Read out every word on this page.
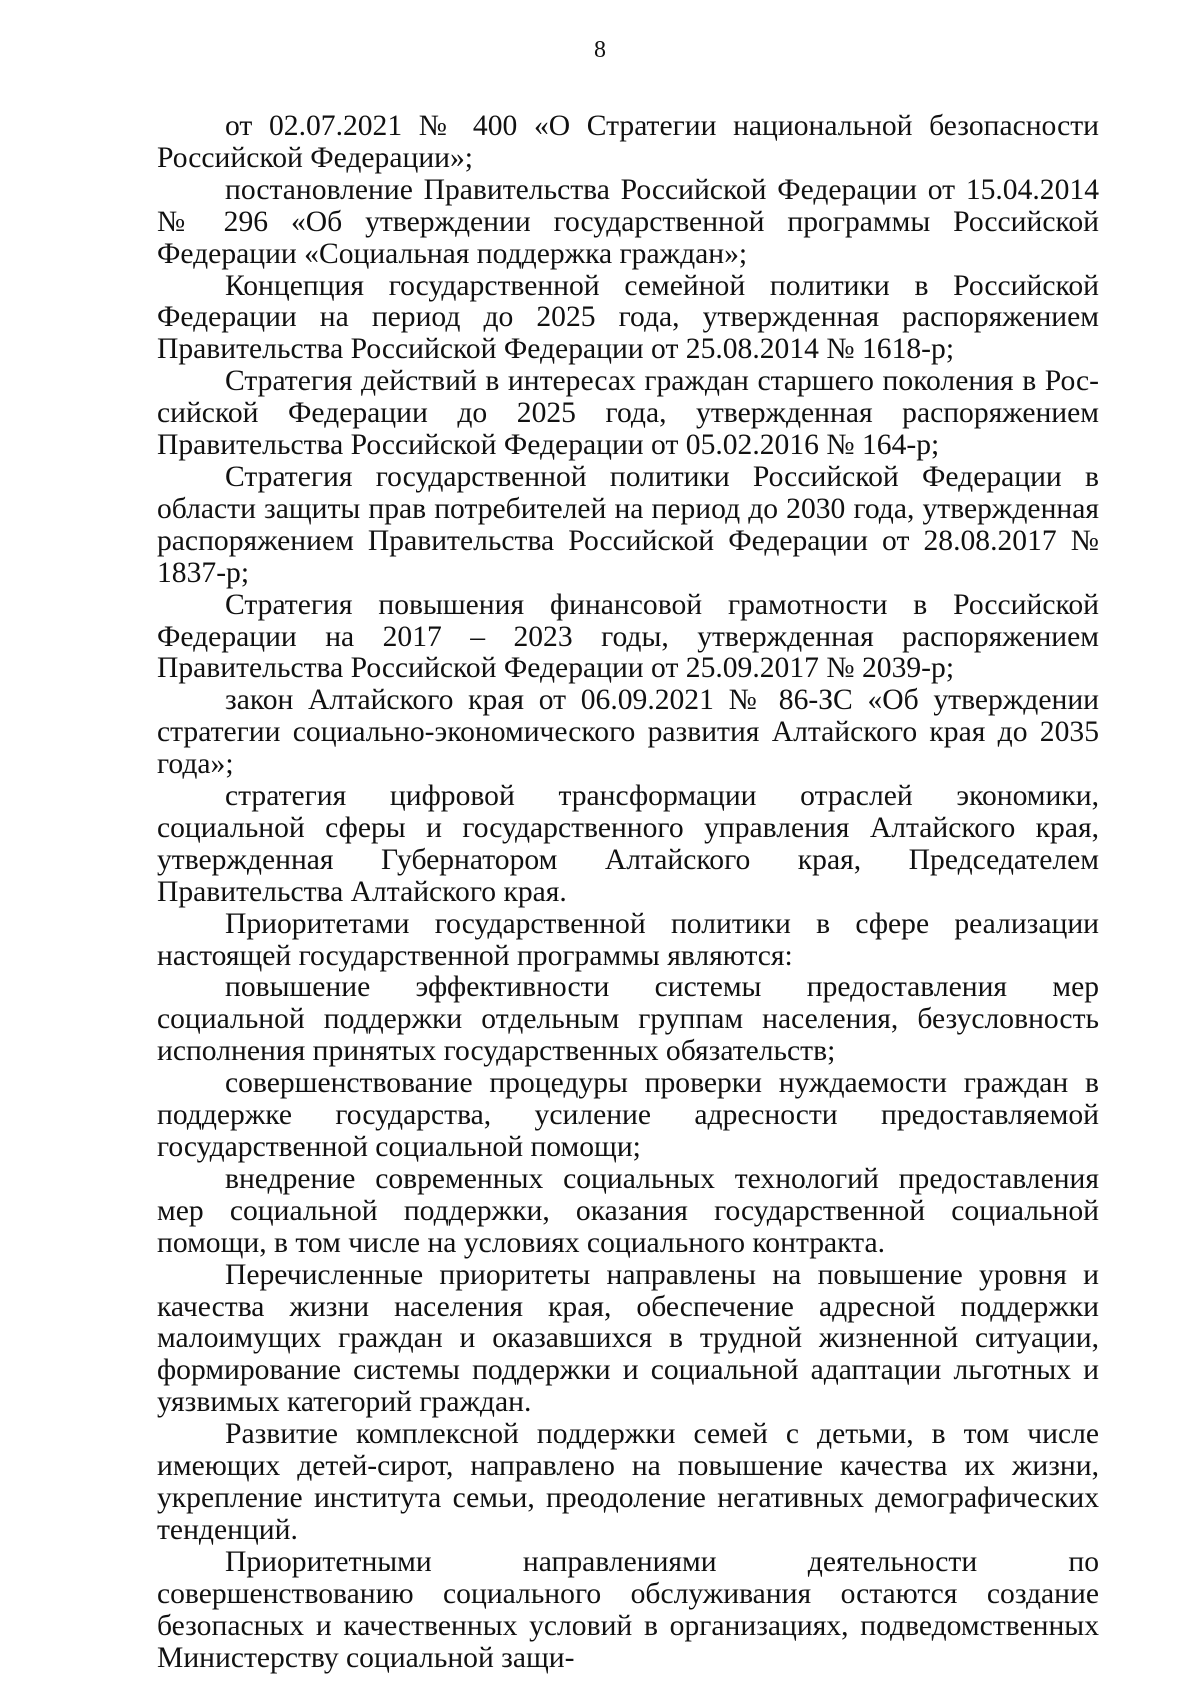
8

от 02.07.2021 № 400 «О Стратегии национальной безопасности Российской Федерации»;

постановление Правительства Российской Федерации от 15.04.2014 № 296 «Об утверждении государственной программы Российской Федерации «Социальная поддержка граждан»;

Концепция государственной семейной политики в Российской Федерации на период до 2025 года, утвержденная распоряжением Правительства Российской Федерации от 25.08.2014 № 1618-р;

Стратегия действий в интересах граждан старшего поколения в Российской Федерации до 2025 года, утвержденная распоряжением Правительства Российской Федерации от 05.02.2016 № 164-р;

Стратегия государственной политики Российской Федерации в области защиты прав потребителей на период до 2030 года, утвержденная распоряжением Правительства Российской Федерации от 28.08.2017 № 1837-р;

Стратегия повышения финансовой грамотности в Российской Федерации на 2017 – 2023 годы, утвержденная распоряжением Правительства Российской Федерации от 25.09.2017 № 2039-р;

закон Алтайского края от 06.09.2021 № 86-ЗС «Об утверждении стратегии социально-экономического развития Алтайского края до 2035 года»;

стратегия цифровой трансформации отраслей экономики, социальной сферы и государственного управления Алтайского края, утвержденная Губернатором Алтайского края, Председателем Правительства Алтайского края.

Приоритетами государственной политики в сфере реализации настоящей государственной программы являются:

повышение эффективности системы предоставления мер социальной поддержки отдельным группам населения, безусловность исполнения принятых государственных обязательств;

совершенствование процедуры проверки нуждаемости граждан в поддержке государства, усиление адресности предоставляемой государственной социальной помощи;

внедрение современных социальных технологий предоставления мер социальной поддержки, оказания государственной социальной помощи, в том числе на условиях социального контракта.

Перечисленные приоритеты направлены на повышение уровня и качества жизни населения края, обеспечение адресной поддержки малоимущих граждан и оказавшихся в трудной жизненной ситуации, формирование системы поддержки и социальной адаптации льготных и уязвимых категорий граждан.

Развитие комплексной поддержки семей с детьми, в том числе имеющих детей-сирот, направлено на повышение качества их жизни, укрепление института семьи, преодоление негативных демографических тенденций.

Приоритетными направлениями деятельности по совершенствованию социального обслуживания остаются создание безопасных и качественных условий в организациях, подведомственных Министерству социальной защи-
